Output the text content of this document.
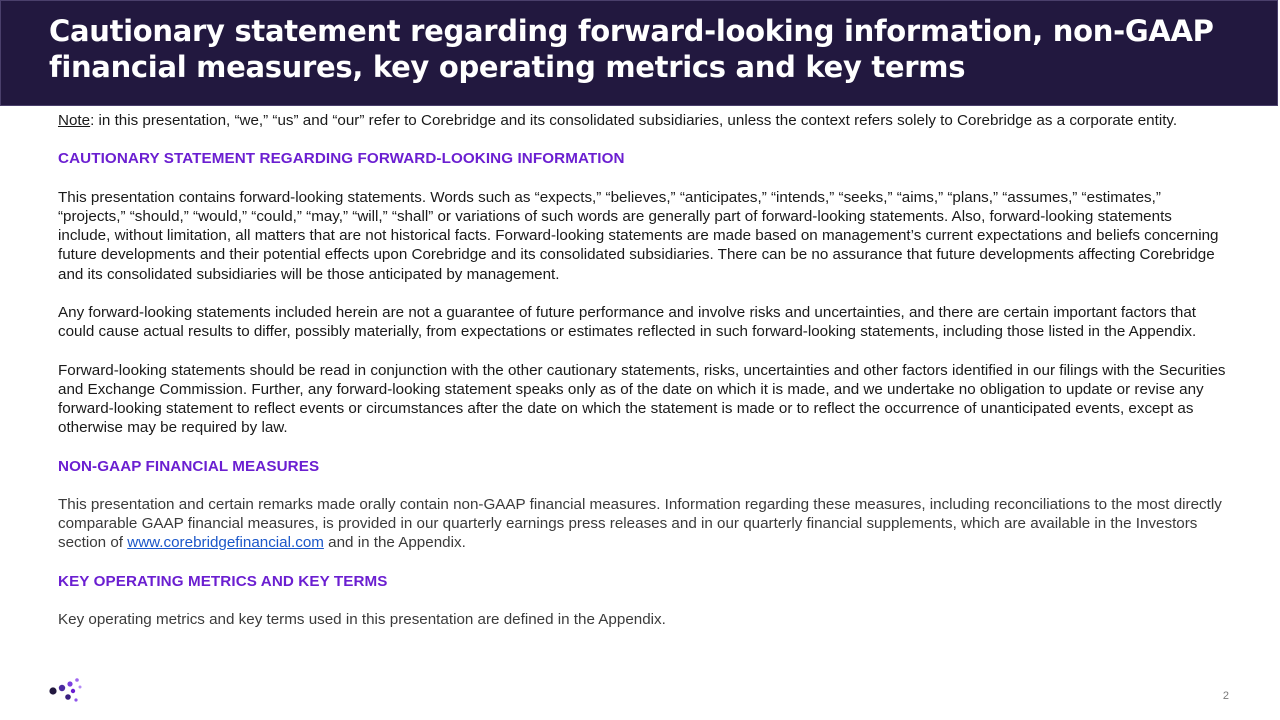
Cautionary statement regarding forward-looking information, non-GAAP financial measures, key operating metrics and key terms

Note: in this presentation, “we,” “us” and “our” refer to Corebridge and its consolidated subsidiaries, unless the context refers solely to Corebridge as a corporate entity.

CAUTIONARY STATEMENT REGARDING FORWARD-LOOKING INFORMATION

This presentation contains forward-looking statements. Words such as “expects,” “believes,” “anticipates,” “intends,” “seeks,” “aims,” “plans,” “assumes,” “estimates,” “projects,” “should,” “would,” “could,” “may,” “will,” “shall” or variations of such words are generally part of forward-looking statements. Also, forward-looking statements include, without limitation, all matters that are not historical facts. Forward-looking statements are made based on management’s current expectations and beliefs concerning future developments and their potential effects upon Corebridge and its consolidated subsidiaries. There can be no assurance that future developments affecting Corebridge and its consolidated subsidiaries will be those anticipated by management.

Any forward-looking statements included herein are not a guarantee of future performance and involve risks and uncertainties, and there are certain important factors that could cause actual results to differ, possibly materially, from expectations or estimates reflected in such forward-looking statements, including those listed in the Appendix.

Forward-looking statements should be read in conjunction with the other cautionary statements, risks, uncertainties and other factors identified in our filings with the Securities and Exchange Commission. Further, any forward-looking statement speaks only as of the date on which it is made, and we undertake no obligation to update or revise any forward-looking statement to reflect events or circumstances after the date on which the statement is made or to reflect the occurrence of unanticipated events, except as otherwise may be required by law.

NON-GAAP FINANCIAL MEASURES

This presentation and certain remarks made orally contain non-GAAP financial measures. Information regarding these measures, including reconciliations to the most directly comparable GAAP financial measures, is provided in our quarterly earnings press releases and in our quarterly financial supplements, which are available in the Investors section of www.corebridgefinancial.com and in the Appendix.

KEY OPERATING METRICS AND KEY TERMS

Key operating metrics and key terms used in this presentation are defined in the Appendix.

2
